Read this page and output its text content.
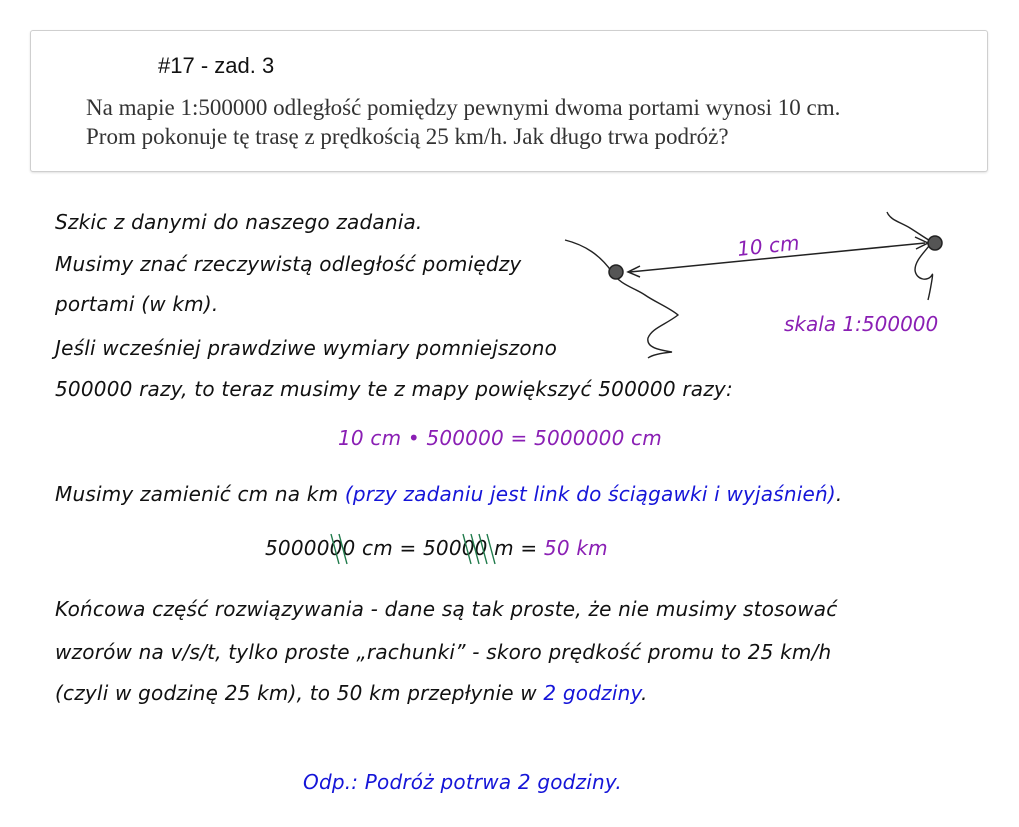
#17 - zad. 3
Na mapie 1:500000 odległość pomiędzy pewnymi dwoma portami wynosi 10 cm.
Prom pokonuje tę trasę z prędkością 25 km/h. Jak długo trwa podróż?
Szkic z danymi do naszego zadania.
Musimy znać rzeczywistą odległość pomiędzy
portami (w km).
Jeśli wcześniej prawdziwe wymiary pomniejszono
500000 razy, to teraz musimy te z mapy powiększyć 500000 razy:
10 cm
skala 1:500000
10 cm • 500000 = 5000000 cm
Musimy zamienić cm na km (przy zadaniu jest link do ściągawki i wyjaśnień).
5000000 cm = 50000 m = 50 km
Końcowa część rozwiązywania - dane są tak proste, że nie musimy stosować
wzorów na v/s/t, tylko proste „rachunki” - skoro prędkość promu to 25 km/h
(czyli w godzinę 25 km), to 50 km przepłynie w 2 godziny.
Odp.: Podróż potrwa 2 godziny.
